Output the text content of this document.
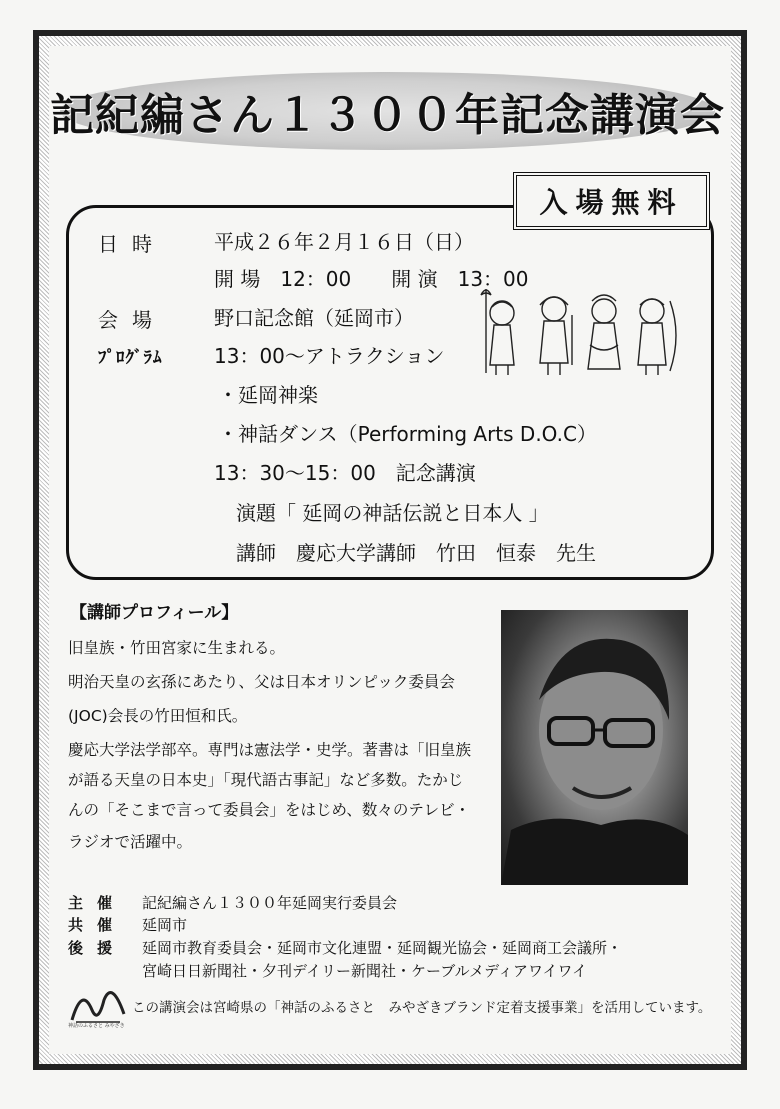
記紀編さん１３００年記念講演会
入場無料
日時 平成２６年２月１６日（日）
開 場　12：00　　開 演　13：00
会場 野口記念館（延岡市）
ﾌﾟﾛｸﾞﾗﾑ	13：00～アトラクション
・延岡神楽
・神話ダンス（Performing Arts D.O.C）
13：30～15：00　記念講演
演題「 延岡の神話伝説と日本人 」
講師　慶応大学講師　竹田　恒泰　先生
【講師プロフィール】
旧皇族・竹田宮家に生まれる。
明治天皇の玄孫にあたり、父は日本オリンピック委員会
(JOC)会長の竹田恒和氏。
慶応大学法学部卒。専門は憲法学・史学。著書は「旧皇族
が語る天皇の日本史」「現代語古事記」など多数。たかじ
んの「そこまで言って委員会」をはじめ、数々のテレビ・
ラジオで活躍中。
主催 記紀編さん１３００年延岡実行委員会
共催 延岡市
後援 延岡市教育委員会・延岡市文化連盟・延岡観光協会・延岡商工会議所・
宮崎日日新聞社・夕刊デイリー新聞社・ケーブルメディアワイワイ
神話のふるさと みやざき
この講演会は宮崎県の「神話のふるさと　みやざきブランド定着支援事業」を活用しています。
